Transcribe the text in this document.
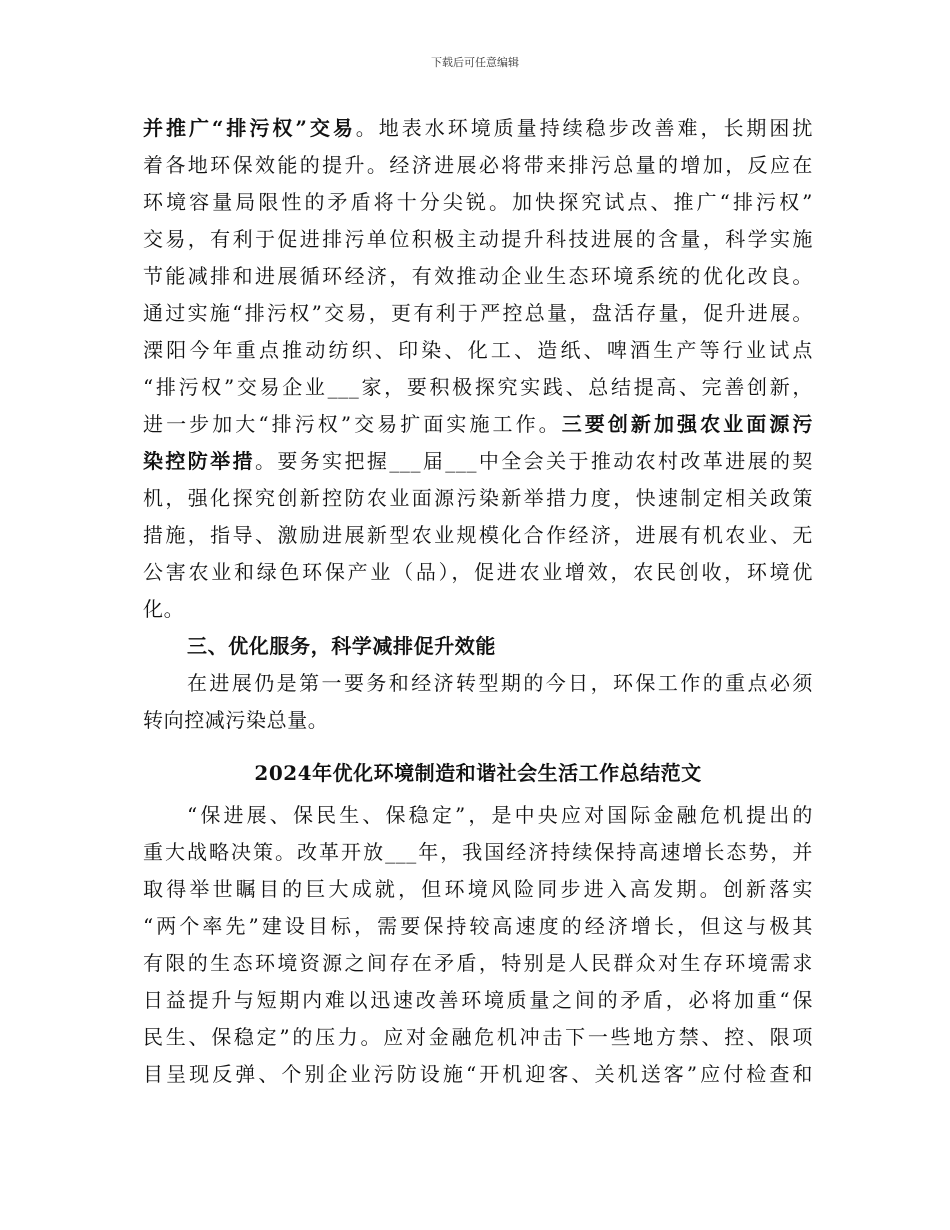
下载后可任意编辑
并推广“排污权”交易。地表水环境质量持续稳步改善难，长期困扰
着各地环保效能的提升。经济进展必将带来排污总量的增加，反应在
环境容量局限性的矛盾将十分尖锐。加快探究试点、推广“排污权”
交易，有利于促进排污单位积极主动提升科技进展的含量，科学实施
节能减排和进展循环经济，有效推动企业生态环境系统的优化改良。
通过实施“排污权”交易，更有利于严控总量，盘活存量，促升进展。
溧阳今年重点推动纺织、印染、化工、造纸、啤酒生产等行业试点
“排污权”交易企业___家，要积极探究实践、总结提高、完善创新，
进一步加大“排污权”交易扩面实施工作。三要创新加强农业面源污
染控防举措。要务实把握___届___中全会关于推动农村改革进展的契
机，强化探究创新控防农业面源污染新举措力度，快速制定相关政策
措施，指导、激励进展新型农业规模化合作经济，进展有机农业、无
公害农业和绿色环保产业（品），促进农业增效，农民创收，环境优
化。
三、优化服务，科学减排促升效能
在进展仍是第一要务和经济转型期的今日，环保工作的重点必须
转向控减污染总量。
2024年优化环境制造和谐社会生活工作总结范文
“保进展、保民生、保稳定”，是中央应对国际金融危机提出的
重大战略决策。改革开放___年，我国经济持续保持高速增长态势，并
取得举世瞩目的巨大成就，但环境风险同步进入高发期。创新落实
“两个率先”建设目标，需要保持较高速度的经济增长，但这与极其
有限的生态环境资源之间存在矛盾，特别是人民群众对生存环境需求
日益提升与短期内难以迅速改善环境质量之间的矛盾，必将加重“保
民生、保稳定”的压力。应对金融危机冲击下一些地方禁、控、限项
目呈现反弹、个别企业污防设施“开机迎客、关机送客”应付检查和
